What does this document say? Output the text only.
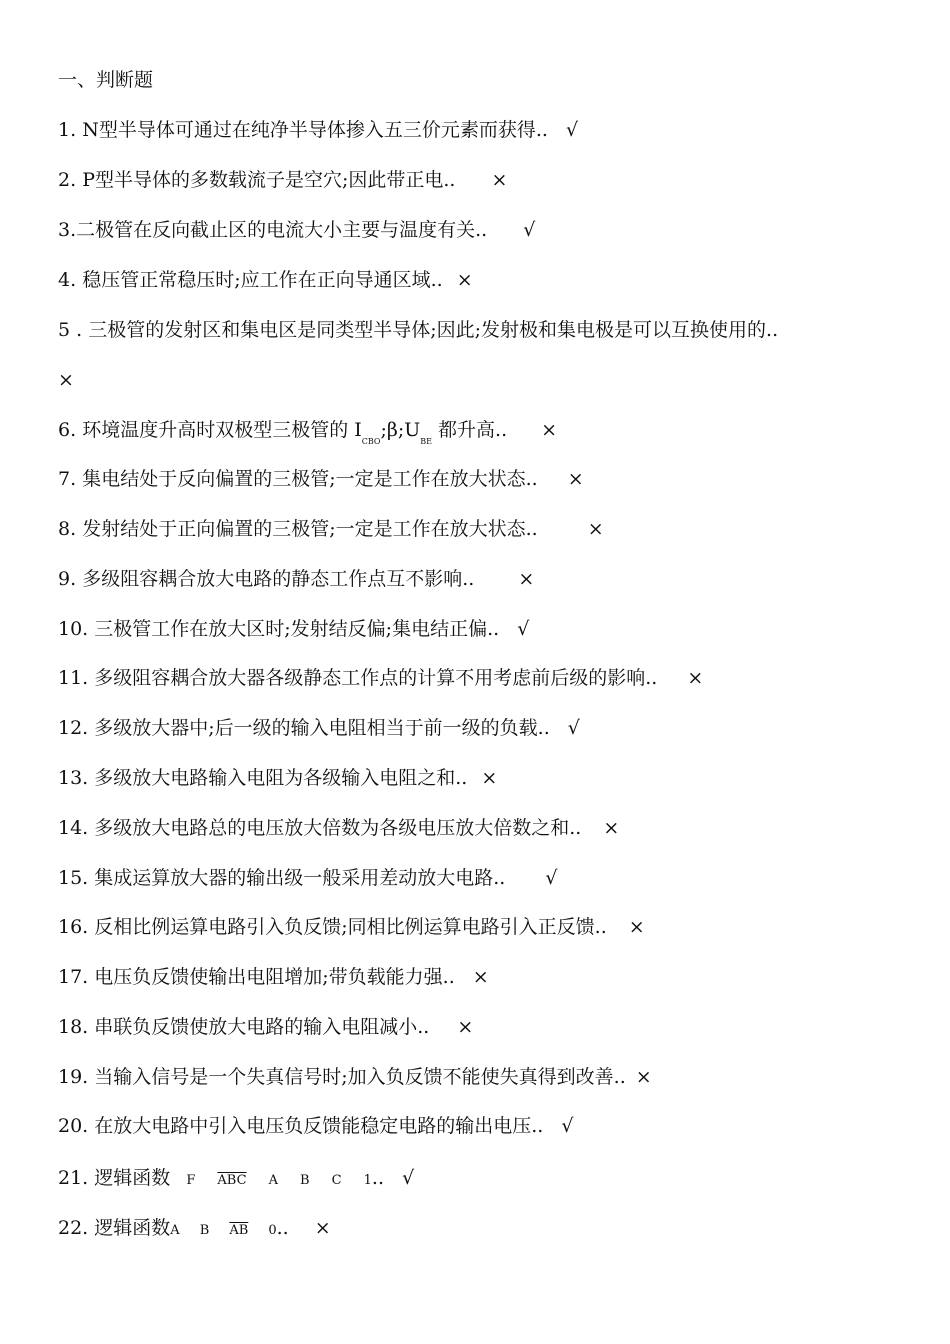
一、判断题
1. N型半导体可通过在纯净半导体掺入五三价元素而获得.. √
2. P型半导体的多数载流子是空穴;因此带正电.. ×
3.二极管在反向截止区的电流大小主要与温度有关.. √
4. 稳压管正常稳压时;应工作在正向导通区域.. ×
5 . 三极管的发射区和集电区是同类型半导体;因此;发射极和集电极是可以互换使用的..
×
6. 环境温度升高时双极型三极管的 $I_{CBO};\beta;U_{BE}$ 都升高.. ×
7. 集电结处于反向偏置的三极管;一定是工作在放大状态.. ×
8. 发射结处于正向偏置的三极管;一定是工作在放大状态..	×
9. 多级阻容耦合放大电路的静态工作点互不影响.. ×
10. 三极管工作在放大区时;发射结反偏;集电结正偏.. √
11. 多级阻容耦合放大器各级静态工作点的计算不用考虑前后级的影响.. ×
12. 多级放大器中;后一级的输入电阻相当于前一级的负载.. √
13. 多级放大电路输入电阻为各级输入电阻之和.. ×
14. 多级放大电路总的电压放大倍数为各级电压放大倍数之和.. ×
15. 集成运算放大器的输出级一般采用差动放大电路.. √
16. 反相比例运算电路引入负反馈;同相比例运算电路引入正反馈.. ×
17. 电压负反馈使输出电阻增加;带负载能力强.. ×
18. 串联负反馈使放大电路的输入电阻减小.. ×
19. 当输入信号是一个失真信号时;加入负反馈不能使失真得到改善.. ×
20. 在放大电路中引入电压负反馈能稳定电路的输出电压.. √
21. 逻辑函数 F $\overline{ABC}$ A B C 1.. √
22. 逻辑函数A B $\overline{AB}$ 0.. ×
